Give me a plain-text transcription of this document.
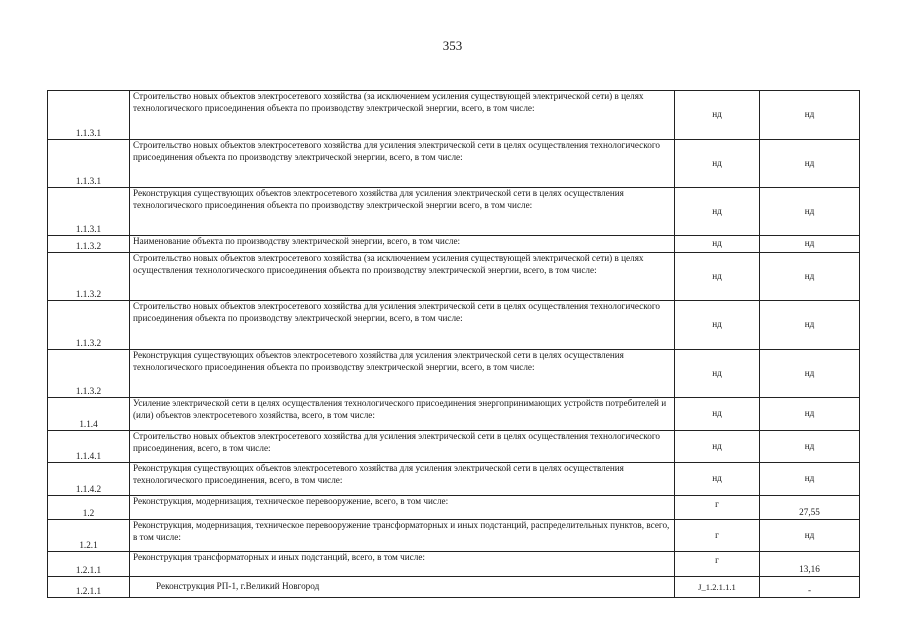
353
1.1.3.1	Строительство новых объектов электросетевого хозяйства (за исключением усиления существующей электрической сети) в целях технологического присоединения объекта по производству электрической энергии, всего, в том числе:	нд	нд
1.1.3.1	Строительство новых объектов электросетевого хозяйства для усиления электрической сети в целях осуществления технологического присоединения объекта по производству электрической энергии, всего, в том числе:	нд	нд
1.1.3.1	Реконструкция существующих объектов электросетевого хозяйства для усиления электрической сети в целях осуществления технологического присоединения объекта по производству электрической энергии всего, в том числе:	нд	нд
1.1.3.2	Наименование объекта по производству электрической энергии, всего, в том числе:	нд	нд
1.1.3.2	Строительство новых объектов электросетевого хозяйства (за исключением усиления существующей электрической сети) в целях осуществления технологического присоединения объекта по производству электрической энергии, всего, в том числе:	нд	нд
1.1.3.2	Строительство новых объектов электросетевого хозяйства для усиления электрической сети в целях осуществления технологического присоединения объекта по производству электрической энергии, всего, в том числе:	нд	нд
1.1.3.2	Реконструкция существующих объектов электросетевого хозяйства для усиления электрической сети в целях осуществления технологического присоединения объекта по производству электрической энергии, всего, в том числе:	нд	нд
1.1.4	Усиление электрической сети в целях осуществления технологического присоединения энергопринимающих устройств потребителей и (или) объектов электросетевого хозяйства, всего, в том числе:	нд	нд
1.1.4.1	Строительство новых объектов электросетевого хозяйства для усиления электрической сети в целях осуществления технологического присоединения, всего, в том числе:	нд	нд
1.1.4.2	Реконструкция существующих объектов электросетевого хозяйства для усиления электрической сети в целях осуществления технологического присоединения, всего, в том числе:	нд	нд
1.2	Реконструкция, модернизация, техническое перевооружение, всего, в том числе:	г	27,55
1.2.1	Реконструкция, модернизация, техническое перевооружение трансформаторных и иных подстанций, распределительных пунктов, всего, в том числе:	г	нд
1.2.1.1	Реконструкция трансформаторных и иных подстанций, всего, в том числе:	г	13,16
1.2.1.1	Реконструкция РП-1, г.Великий Новгород	J_1.2.1.1.1	-
